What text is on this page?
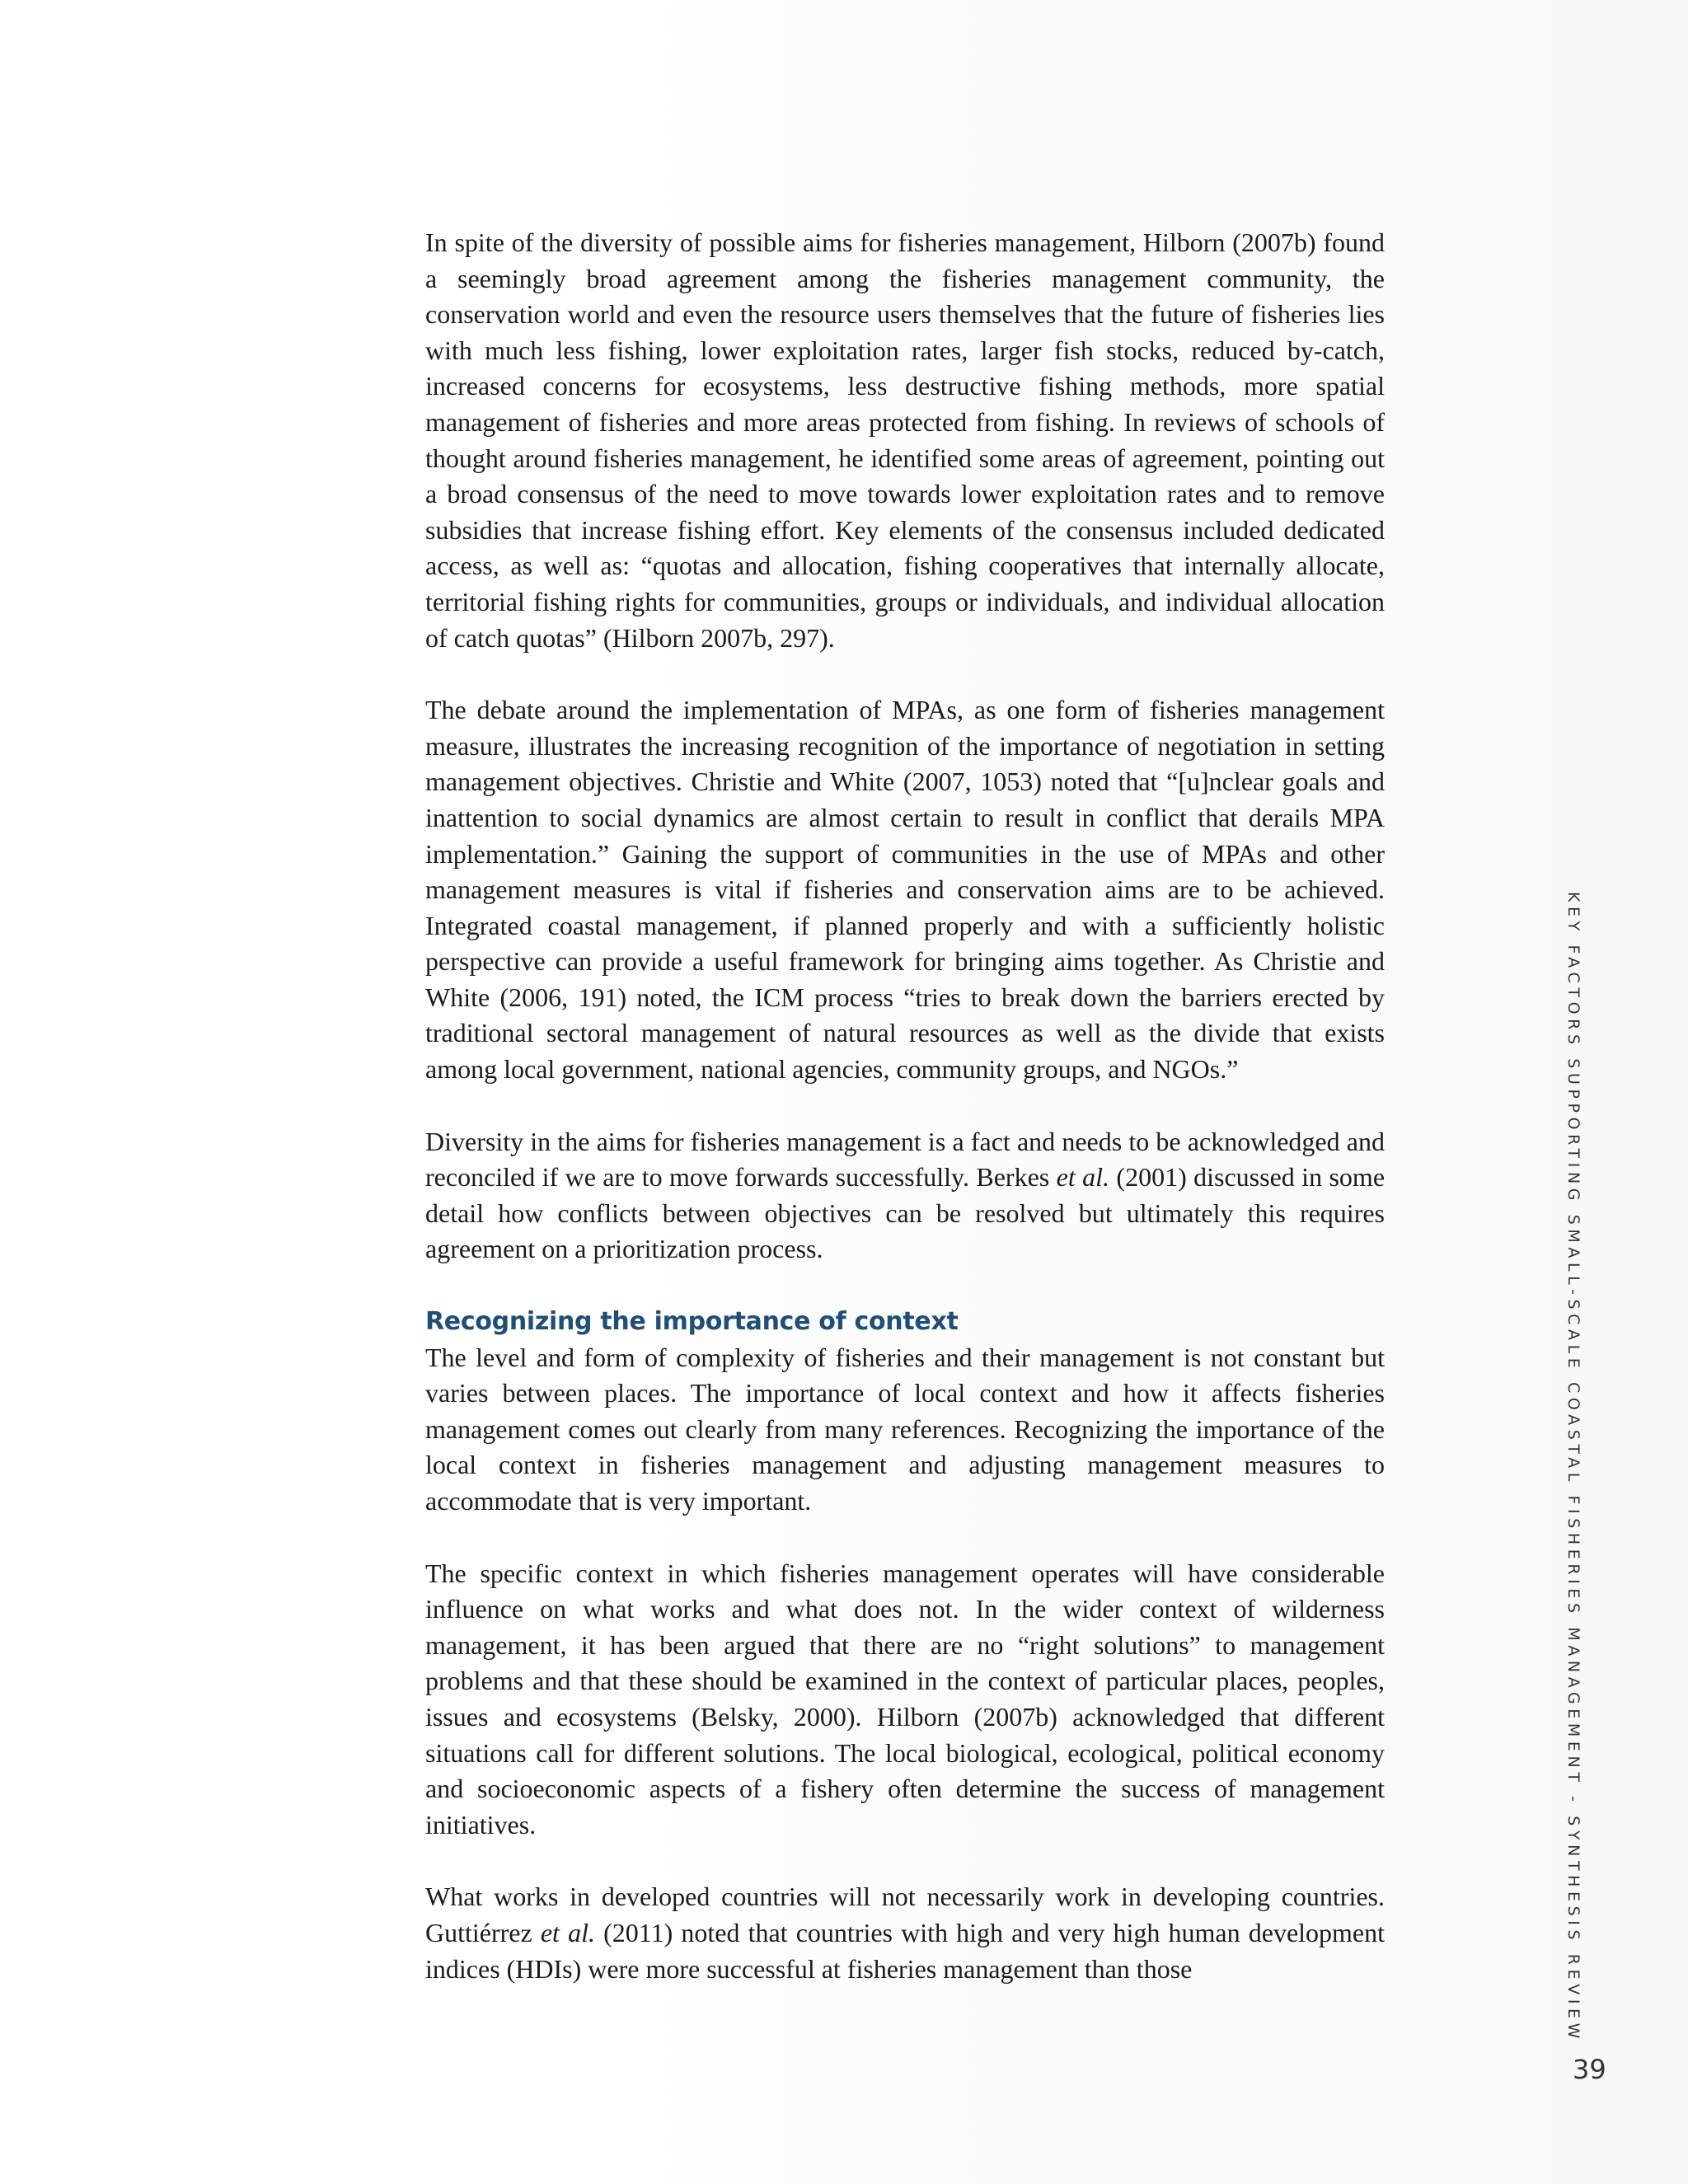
In spite of the diversity of possible aims for fisheries management, Hilborn (2007b) found a seemingly broad agreement among the fisheries management community, the conservation world and even the resource users themselves that the future of fisheries lies with much less fishing, lower exploitation rates, larger fish stocks, reduced by-catch, increased concerns for ecosystems, less destructive fishing methods, more spatial management of fisheries and more areas protected from fishing. In reviews of schools of thought around fisheries management, he identified some areas of agreement, pointing out a broad consensus of the need to move towards lower exploitation rates and to remove subsidies that increase fishing effort. Key elements of the consensus included dedicated access, as well as: “quotas and allocation, fishing cooperatives that internally allocate, territorial fishing rights for communities, groups or individuals, and individual allocation of catch quotas” (Hilborn 2007b, 297).

The debate around the implementation of MPAs, as one form of fisheries management measure, illustrates the increasing recognition of the importance of negotiation in setting management objectives. Christie and White (2007, 1053) noted that “[u]nclear goals and inattention to social dynamics are almost certain to result in conflict that derails MPA implementation.” Gaining the support of communities in the use of MPAs and other management measures is vital if fisheries and conservation aims are to be achieved. Integrated coastal management, if planned properly and with a sufficiently holistic perspective can provide a useful framework for bringing aims together. As Christie and White (2006, 191) noted, the ICM process “tries to break down the barriers erected by traditional sectoral management of natural resources as well as the divide that exists among local government, national agencies, community groups, and NGOs.”

Diversity in the aims for fisheries management is a fact and needs to be acknowledged and reconciled if we are to move forwards successfully. Berkes et al. (2001) discussed in some detail how conflicts between objectives can be resolved but ultimately this requires agreement on a prioritization process.

Recognizing the importance of context

The level and form of complexity of fisheries and their management is not constant but varies between places. The importance of local context and how it affects fisheries management comes out clearly from many references. Recognizing the importance of the local context in fisheries management and adjusting management measures to accommodate that is very important.

The specific context in which fisheries management operates will have considerable influence on what works and what does not. In the wider context of wilderness management, it has been argued that there are no “right solutions” to management problems and that these should be examined in the context of particular places, peoples, issues and ecosystems (Belsky, 2000). Hilborn (2007b) acknowledged that different situations call for different solutions. The local biological, ecological, political economy and socioeconomic aspects of a fishery often determine the success of management initiatives.

What works in developed countries will not necessarily work in developing countries. Guttiérrez et al. (2011) noted that countries with high and very high human development indices (HDIs) were more successful at fisheries management than those	KEY FACTORS SUPPORTING SMALL-SCALE COASTAL FISHERIES MANAGEMENT - SYNTHESIS REVIEW
39
